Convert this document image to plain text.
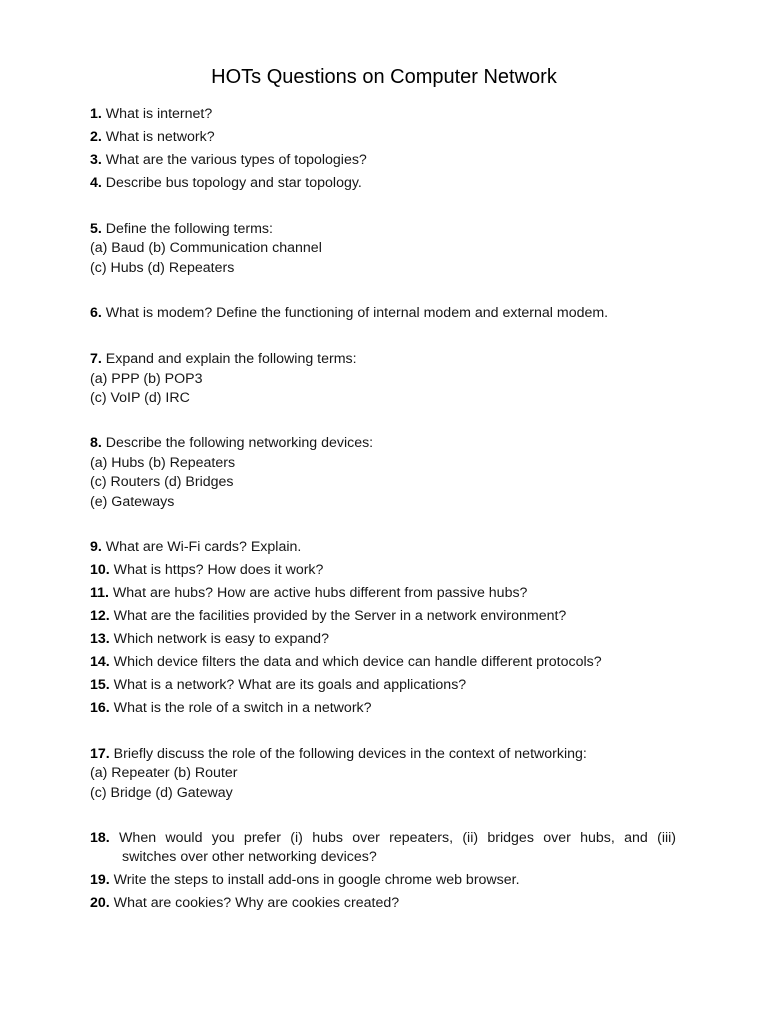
HOTs Questions on Computer Network
1. What is internet?
2. What is network?
3. What are the various types of topologies?
4. Describe bus topology and star topology.
5. Define the following terms:
(a) Baud (b) Communication channel
(c) Hubs (d) Repeaters
6. What is modem? Define the functioning of internal modem and external modem.
7. Expand and explain the following terms:
(a) PPP (b) POP3
(c) VoIP (d) IRC
8. Describe the following networking devices:
(a) Hubs (b) Repeaters
(c) Routers (d) Bridges
(e) Gateways
9. What are Wi-Fi cards? Explain.
10. What is https? How does it work?
11. What are hubs? How are active hubs different from passive hubs?
12. What are the facilities provided by the Server in a network environment?
13. Which network is easy to expand?
14. Which device filters the data and which device can handle different protocols?
15. What is a network? What are its goals and applications?
16. What is the role of a switch in a network?
17. Briefly discuss the role of the following devices in the context of networking:
(a) Repeater (b) Router
(c) Bridge (d) Gateway
18. When would you prefer (i) hubs over repeaters, (ii) bridges over hubs, and (iii)
switches over other networking devices?
19. Write the steps to install add-ons in google chrome web browser.
20. What are cookies? Why are cookies created?
